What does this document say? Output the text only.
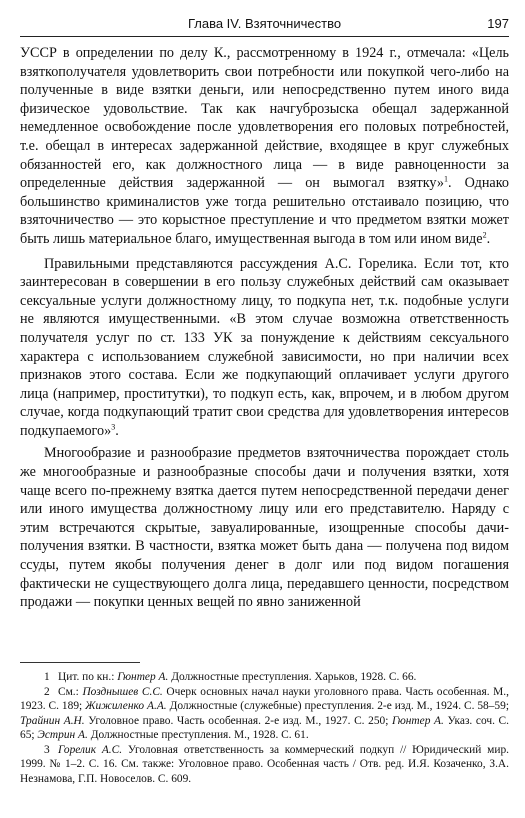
Глава IV. Взяточничество	197

УССР в определении по делу К., рассмотренному в 1924 г., отмечала: «Цель взяткополучателя удовлетворить свои потребности или покупкой чего-либо на полученные в виде взятки деньги, или непосредственно путем иного вида физическое удовольствие. Так как начгуброзыска обещал задержанной немедленное освобождение после удовлетворения его половых потребностей, т.е. обещал в интересах задержанной действие, входящее в круг служебных обязанностей его, как должностного лица — в виде равноценности за определенные действия задержанной — он вымогал взятку»$^1$. Однако большинство криминалистов уже тогда решительно отстаивало позицию, что взяточничество — это корыстное преступление и что предметом взятки может быть лишь материальное благо, имущественная выгода в том или ином виде$^2$.

Правильными представляются рассуждения А.С. Горелика. Если тот, кто заинтересован в совершении в его пользу служебных действий сам оказывает сексуальные услуги должностному лицу, то подкупа нет, т.к. подобные услуги не являются имущественными. «В этом случае возможна ответственность получателя услуг по ст. 133 УК за понуждение к действиям сексуального характера с использованием служебной зависимости, но при наличии всех признаков этого состава. Если же подкупающий оплачивает услуги другого лица (например, проститутки), то подкуп есть, как, впрочем, и в любом другом случае, когда подкупающий тратит свои средства для удовлетворения интересов подкупаемого»$^3$.

Многообразие и разнообразие предметов взяточничества порождает столь же многообразные и разнообразные способы дачи и получения взятки, хотя чаще всего по-прежнему взятка дается путем непосредственной передачи денег или иного имущества должностному лицу или его представителю. Наряду с этим встречаются скрытые, завуалированные, изощренные способы дачи-получения взятки. В частности, взятка может быть дана — получена под видом ссуды, путем якобы получения денег в долг или под видом погашения фактически не существующего долга лица, передавшего ценности, посредством продажи — покупки ценных вещей по явно заниженной

1 Цит. по кн.: Гюнтер А. Должностные преступления. Харьков, 1928. С. 66.

2 См.: Позднышев С.С. Очерк основных начал науки уголовного права. Часть особенная. М., 1923. С. 189; Жижиленко А.А. Должностные (служебные) преступления. 2-е изд. М., 1924. С. 58–59; Трайнин А.Н. Уголовное право. Часть особенная. 2-е изд. М., 1927. С. 250; Гюнтер А. Указ. соч. С. 65; Эстрин А. Должностные преступления. М., 1928. С. 61.

3 Горелик А.С. Уголовная ответственность за коммерческий подкуп // Юридический мир. 1999. № 1–2. С. 16. См. также: Уголовное право. Особенная часть / Отв. ред. И.Я. Козаченко, З.А. Незнамова, Г.П. Новоселов. С. 609.
